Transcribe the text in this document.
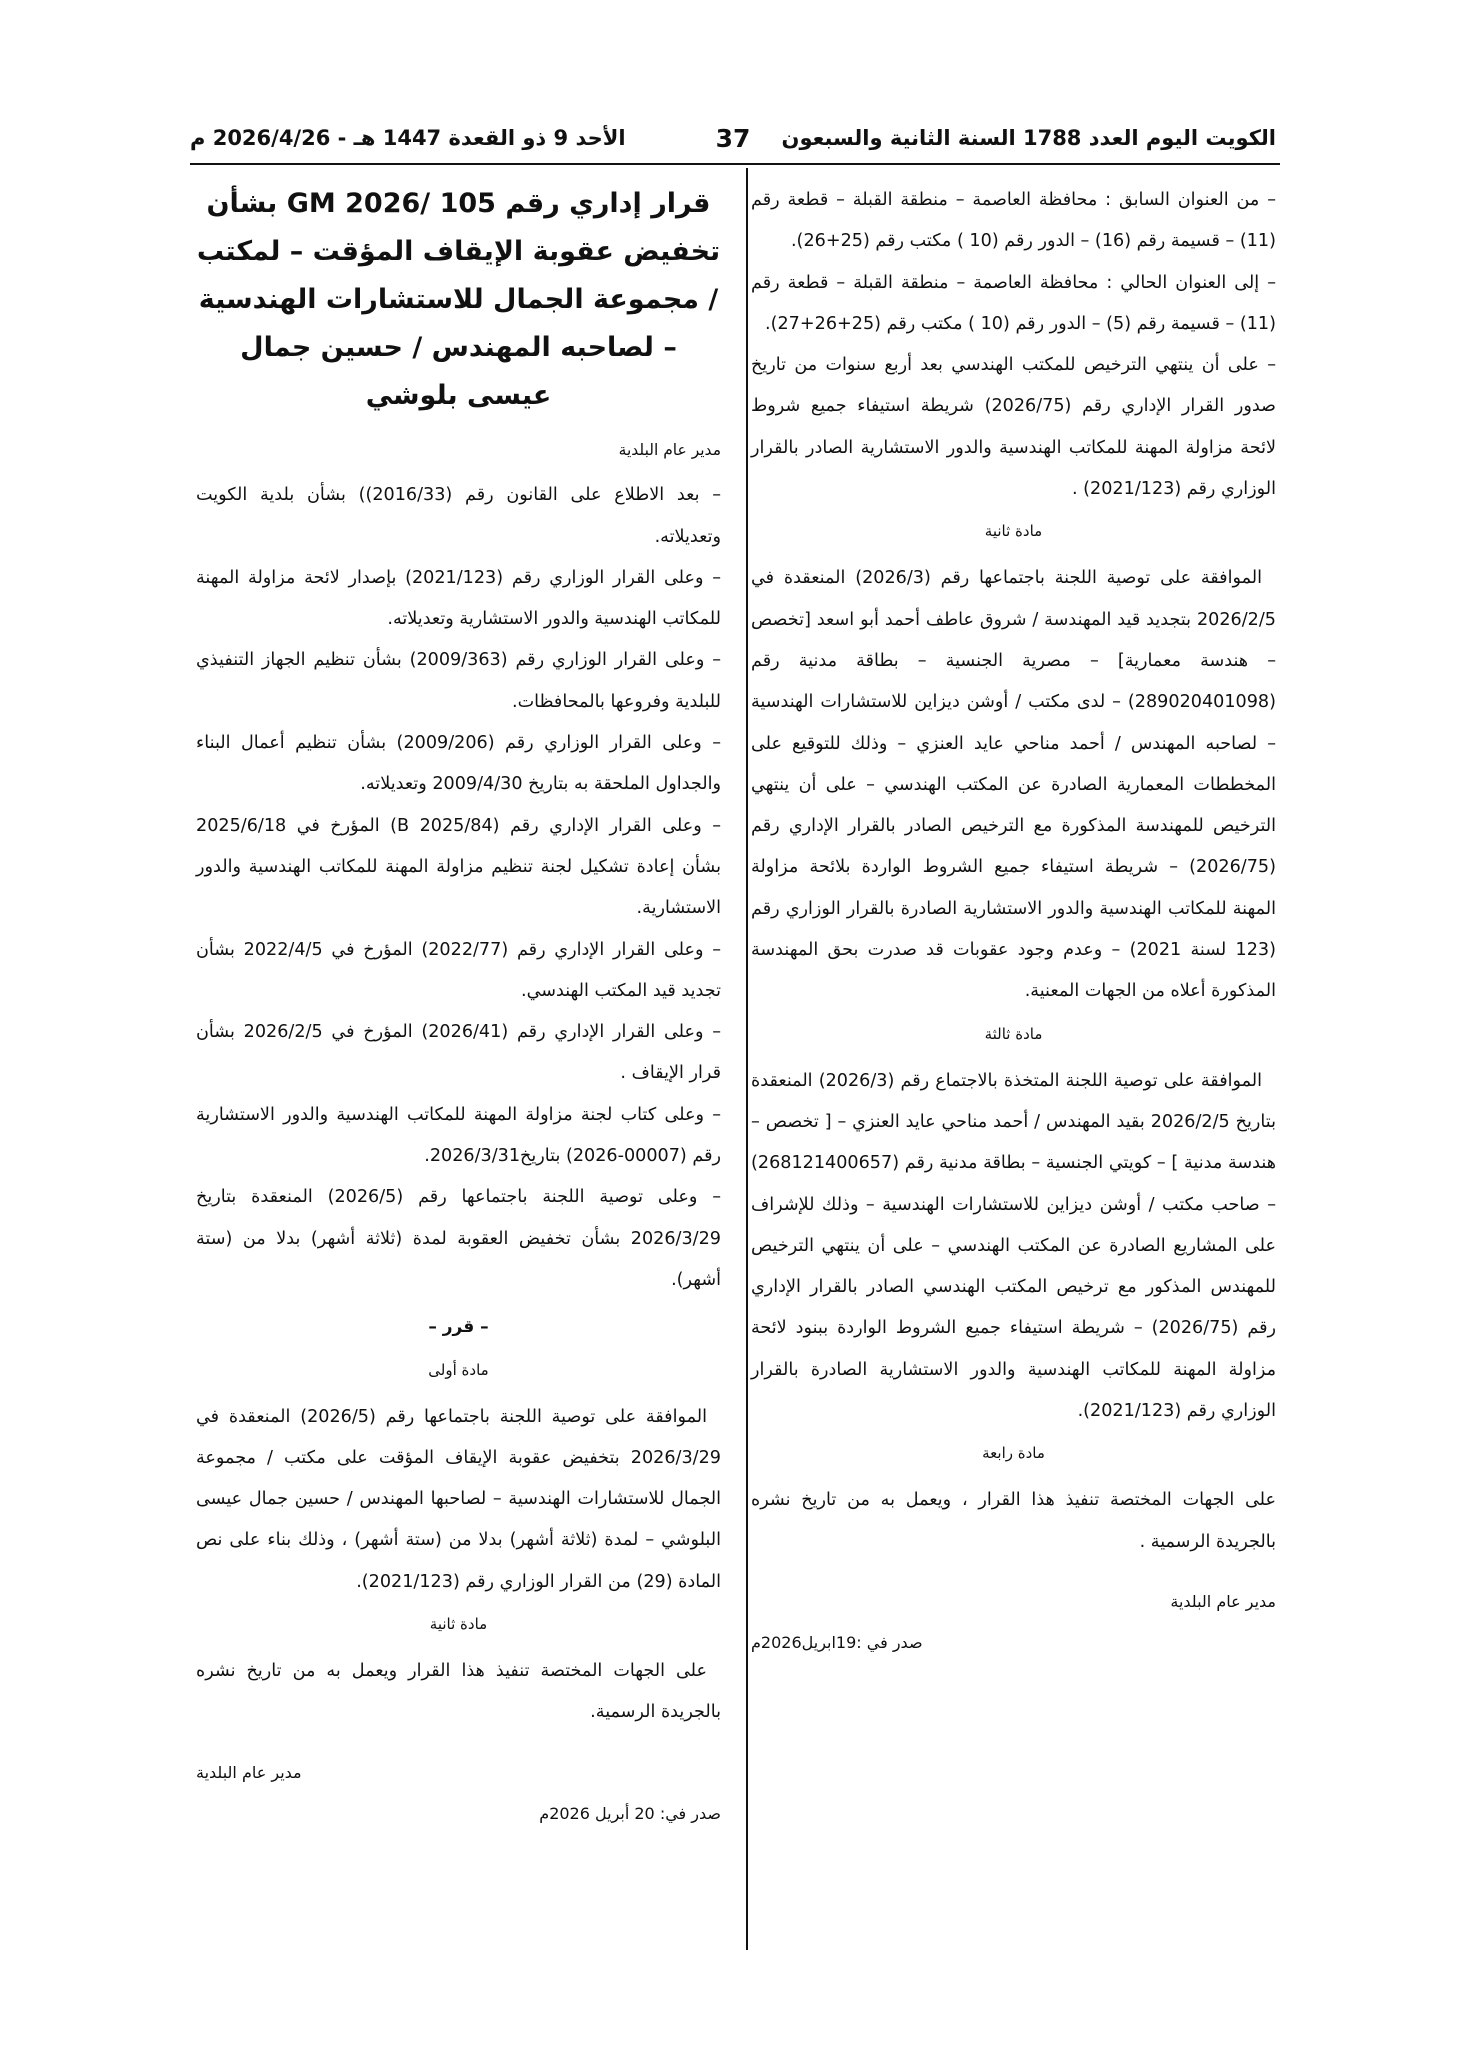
الكويت اليوم العدد 1788 السنة الثانية والسبعون
37
الأحد 9 ذو القعدة 1447 هـ - 2026/4/26 م

– من العنوان السابق : محافظة العاصمة – منطقة القبلة – قطعة رقم (11) – قسيمة رقم (16) – الدور رقم (10 ) مكتب رقم (25+26).

– إلى العنوان الحالي : محافظة العاصمة – منطقة القبلة – قطعة رقم (11) – قسيمة رقم (5) – الدور رقم (10 ) مكتب رقم (25+26+27).

– على أن ينتهي الترخيص للمكتب الهندسي بعد أربع سنوات من تاريخ صدور القرار الإداري رقم (2026/75) شريطة استيفاء جميع شروط لائحة مزاولة المهنة للمكاتب الهندسية والدور الاستشارية الصادر بالقرار الوزاري رقم (2021/123) .

مادة ثانية

الموافقة على توصية اللجنة باجتماعها رقم (2026/3) المنعقدة في 2026/2/5 بتجديد قيد المهندسة / شروق عاطف أحمد أبو اسعد [تخصص – هندسة معمارية] – مصرية الجنسية – بطاقة مدنية رقم (289020401098) – لدى مكتب / أوشن ديزاين للاستشارات الهندسية – لصاحبه المهندس / أحمد مناحي عايد العنزي – وذلك للتوقيع على المخططات المعمارية الصادرة عن المكتب الهندسي – على أن ينتهي الترخيص للمهندسة المذكورة مع الترخيص الصادر بالقرار الإداري رقم (2026/75) – شريطة استيفاء جميع الشروط الواردة بلائحة مزاولة المهنة للمكاتب الهندسية والدور الاستشارية الصادرة بالقرار الوزاري رقم (123 لسنة 2021) – وعدم وجود عقوبات قد صدرت بحق المهندسة المذكورة أعلاه من الجهات المعنية.

مادة ثالثة

الموافقة على توصية اللجنة المتخذة بالاجتماع رقم (2026/3) المنعقدة بتاريخ 2026/2/5 بقيد المهندس / أحمد مناحي عايد العنزي – [ تخصص – هندسة مدنية ] – كويتي الجنسية – بطاقة مدنية رقم (268121400657) – صاحب مكتب / أوشن ديزاين للاستشارات الهندسية – وذلك للإشراف على المشاريع الصادرة عن المكتب الهندسي – على أن ينتهي الترخيص للمهندس المذكور مع ترخيص المكتب الهندسي الصادر بالقرار الإداري رقم (2026/75) – شريطة استيفاء جميع الشروط الواردة ببنود لائحة مزاولة المهنة للمكاتب الهندسية والدور الاستشارية الصادرة بالقرار الوزاري رقم (2021/123).

مادة رابعة

على الجهات المختصة تنفيذ هذا القرار ، ويعمل به من تاريخ نشره بالجريدة الرسمية .

مدير عام البلدية

صدر في :19ابريل2026م

قرار إداري رقم 105 /GM 2026 بشأن تخفيض عقوبة الإيقاف المؤقت – لمكتب / مجموعة الجمال للاستشارات الهندسية – لصاحبه المهندس / حسين جمال عيسى بلوشي

مدير عام البلدية

– بعد الاطلاع على القانون رقم (2016/33)) بشأن بلدية الكويت وتعديلاته.

– وعلى القرار الوزاري رقم (2021/123) بإصدار لائحة مزاولة المهنة للمكاتب الهندسية والدور الاستشارية وتعديلاته.

– وعلى القرار الوزاري رقم (2009/363) بشأن تنظيم الجهاز التنفيذي للبلدية وفروعها بالمحافظات.

– وعلى القرار الوزاري رقم (2009/206) بشأن تنظيم أعمال البناء والجداول الملحقة به بتاريخ 2009/4/30 وتعديلاته.

– وعلى القرار الإداري رقم (2025/84 B) المؤرخ في 2025/6/18 بشأن إعادة تشكيل لجنة تنظيم مزاولة المهنة للمكاتب الهندسية والدور الاستشارية.

– وعلى القرار الإداري رقم (2022/77) المؤرخ في 2022/4/5 بشأن تجديد قيد المكتب الهندسي.

– وعلى القرار الإداري رقم (2026/41) المؤرخ في 2026/2/5 بشأن قرار الإيقاف .

– وعلى كتاب لجنة مزاولة المهنة للمكاتب الهندسية والدور الاستشارية رقم (00007-2026) بتاريخ2026/3/31.

– وعلى توصية اللجنة باجتماعها رقم (2026/5) المنعقدة بتاريخ 2026/3/29 بشأن تخفيض العقوبة لمدة (ثلاثة أشهر) بدلا من (ستة أشهر).

– قرر –

مادة أولى

الموافقة على توصية اللجنة باجتماعها رقم (2026/5) المنعقدة في 2026/3/29 بتخفيض عقوبة الإيقاف المؤقت على مكتب / مجموعة الجمال للاستشارات الهندسية – لصاحبها المهندس / حسين جمال عيسى البلوشي – لمدة (ثلاثة أشهر) بدلا من (ستة أشهر) ، وذلك بناء على نص المادة (29) من القرار الوزاري رقم (2021/123).

مادة ثانية

على الجهات المختصة تنفيذ هذا القرار ويعمل به من تاريخ نشره بالجريدة الرسمية.

مدير عام البلدية

صدر في: 20 أبريل 2026م
